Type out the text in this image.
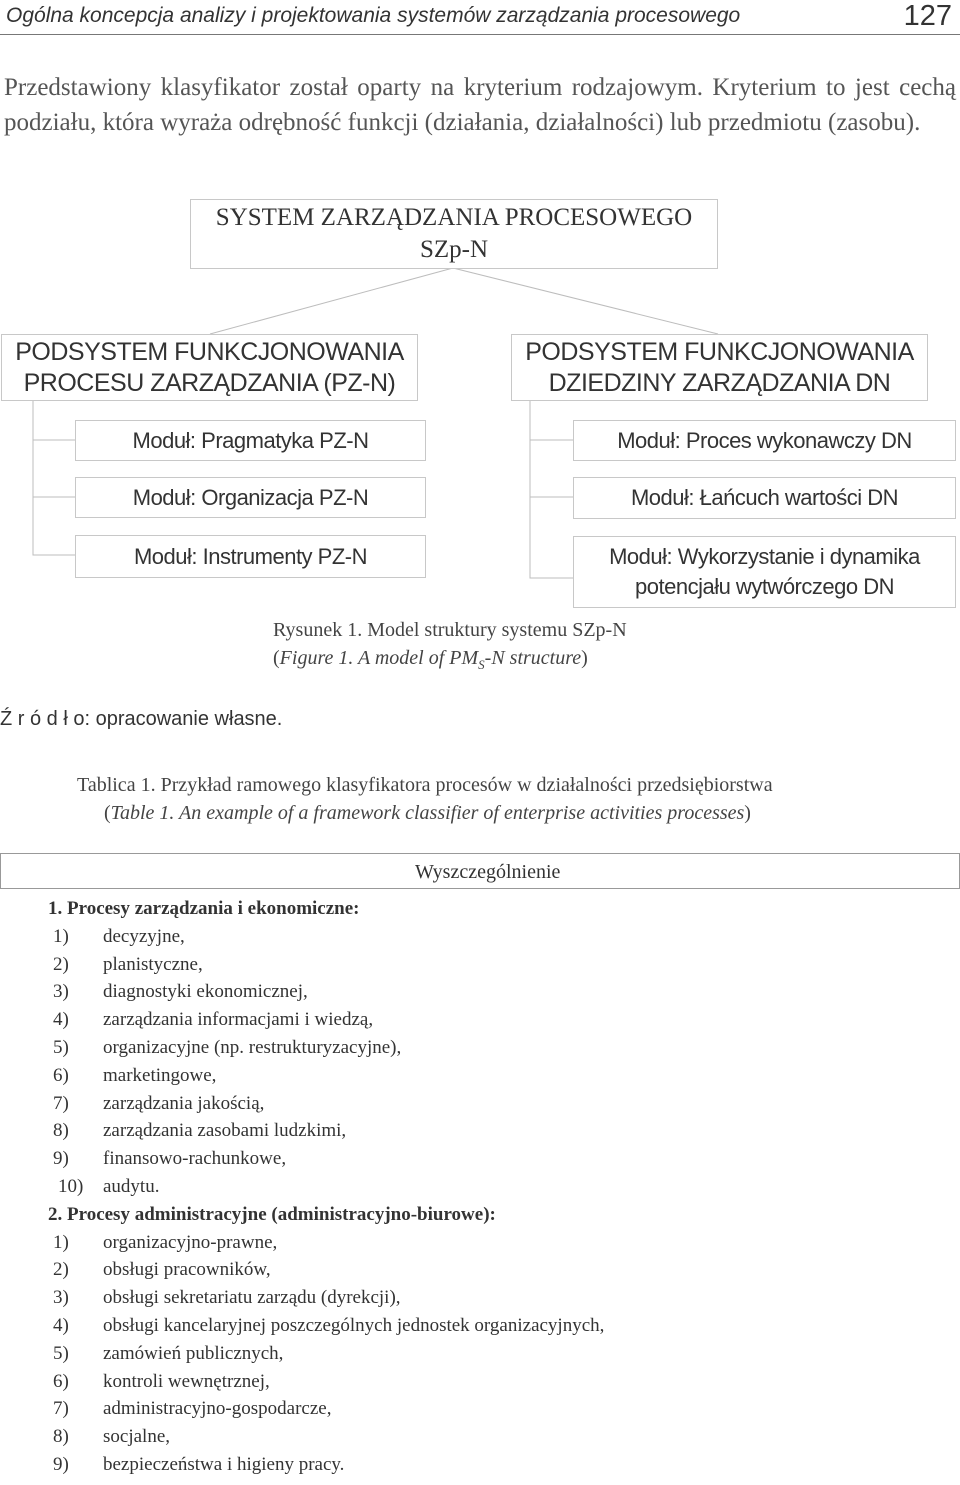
Ogólna koncepcja analizy i projektowania systemów zarządzania procesowego	127
Przedstawiony klasyfikator został oparty na kryterium rodzajowym. Kryterium to jest cechą podziału, która wyraża odrębność funkcji (działania, działalności) lub przedmiotu (zasobu).
SYSTEM ZARZĄDZANIA PROCESOWEGO
SZp-N
PODSYSTEM FUNKCJONOWANIA
PROCESU ZARZĄDZANIA (PZ-N)
Moduł: Pragmatyka PZ-N
Moduł: Organizacja PZ-N
Moduł: Instrumenty PZ-N
PODSYSTEM FUNKCJONOWANIA
DZIEDZINY ZARZĄDZANIA DN
Moduł: Proces wykonawczy DN
Moduł: Łańcuch wartości DN
Moduł: Wykorzystanie i dynamika
potencjału wytwórczego DN
Rysunek 1. Model struktury systemu SZp-N
(Figure 1. A model of $PM_S-N$ structure)
Ź r ó d ł o: opracowanie własne.
Tablica 1. Przykład ramowego klasyfikatora procesów w działalności przedsiębiorstwa
(Table 1. An example of a framework classifier of enterprise activities processes)
Wyszczególnienie
1. Procesy zarządzania i ekonomiczne:
1) decyzyjne,
2) planistyczne,
3) diagnostyki ekonomicznej,
4) zarządzania informacjami i wiedzą,
5) organizacyjne (np. restrukturyzacyjne),
6) marketingowe,
7) zarządzania jakością,
8) zarządzania zasobami ludzkimi,
9) finansowo-rachunkowe,
10) audytu.
2. Procesy administracyjne (administracyjno-biurowe):
1) organizacyjno-prawne,
2) obsługi pracowników,
3) obsługi sekretariatu zarządu (dyrekcji),
4) obsługi kancelaryjnej poszczególnych jednostek organizacyjnych,
5) zamówień publicznych,
6) kontroli wewnętrznej,
7) administracyjno-gospodarcze,
8) socjalne,
9) bezpieczeństwa i higieny pracy.
